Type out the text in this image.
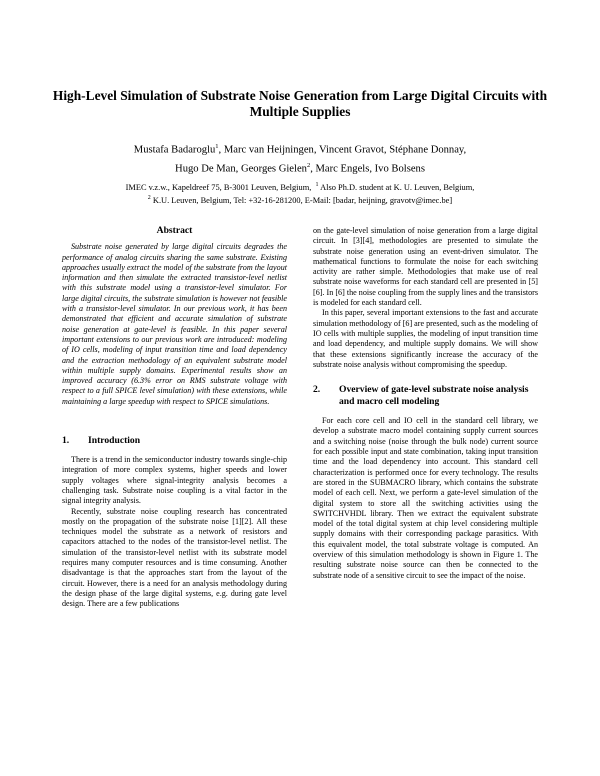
High-Level Simulation of Substrate Noise Generation from Large Digital Circuits with Multiple Supplies
Mustafa Badaroglu$^1$, Marc van Heijningen, Vincent Gravot, Stéphane Donnay,
Hugo De Man, Georges Gielen$^2$, Marc Engels, Ivo Bolsens
IMEC v.z.w., Kapeldreef 75, B-3001 Leuven, Belgium, $^1$ Also Ph.D. student at K. U. Leuven, Belgium,
$^2$ K.U. Leuven, Belgium, Tel: +32-16-281200, E-Mail: [badar, heijning, gravotv@imec.be]
Abstract

Substrate noise generated by large digital circuits degrades the performance of analog circuits sharing the same substrate. Existing approaches usually extract the model of the substrate from the layout information and then simulate the extracted transistor-level netlist with this substrate model using a transistor-level simulator. For large digital circuits, the substrate simulation is however not feasible with a transistor-level simulator. In our previous work, it has been demonstrated that efficient and accurate simulation of substrate noise generation at gate-level is feasible. In this paper several important extensions to our previous work are introduced: modeling of IO cells, modeling of input transition time and load dependency and the extraction methodology of an equivalent substrate model within multiple supply domains. Experimental results show an improved accuracy (6.3% error on RMS substrate voltage with respect to a full SPICE level simulation) with these extensions, while maintaining a large speedup with respect to SPICE simulations.

1.	Introduction

There is a trend in the semiconductor industry towards single-chip integration of more complex systems, higher speeds and lower supply voltages where signal-integrity analysis becomes a challenging task. Substrate noise coupling is a vital factor in the signal integrity analysis.

Recently, substrate noise coupling research has concentrated mostly on the propagation of the substrate noise [1][2]. All these techniques model the substrate as a network of resistors and capacitors attached to the nodes of the transistor-level netlist. The simulation of the transistor-level netlist with its substrate model requires many computer resources and is time consuming. Another disadvantage is that the approaches start from the layout of the circuit. However, there is a need for an analysis methodology during the design phase of the large digital systems, e.g. during gate level design. There are a few publications

on the gate-level simulation of noise generation from a large digital circuit. In [3][4], methodologies are presented to simulate the substrate noise generation using an event-driven simulator. The mathematical functions to formulate the noise for each switching activity are rather simple. Methodologies that make use of real substrate noise waveforms for each standard cell are presented in [5][6]. In [6] the noise coupling from the supply lines and the transistors is modeled for each standard cell.

In this paper, several important extensions to the fast and accurate simulation methodology of [6] are presented, such as the modeling of IO cells with multiple supplies, the modeling of input transition time and load dependency, and multiple supply domains. We will show that these extensions significantly increase the accuracy of the substrate noise analysis without compromising the speedup.

2.	Overview of gate-level substrate noise analysis and macro cell modeling

For each core cell and IO cell in the standard cell library, we develop a substrate macro model containing supply current sources and a switching noise (noise through the bulk node) current source for each possible input and state combination, taking input transition time and the load dependency into account. This standard cell characterization is performed once for every technology. The results are stored in the SUBMACRO library, which contains the substrate model of each cell. Next, we perform a gate-level simulation of the digital system to store all the switching activities using the SWITCHVHDL library. Then we extract the equivalent substrate model of the total digital system at chip level considering multiple supply domains with their corresponding package parasitics. With this equivalent model, the total substrate voltage is computed. An overview of this simulation methodology is shown in Figure 1. The resulting substrate noise source can then be connected to the substrate node of a sensitive circuit to see the impact of the noise.
